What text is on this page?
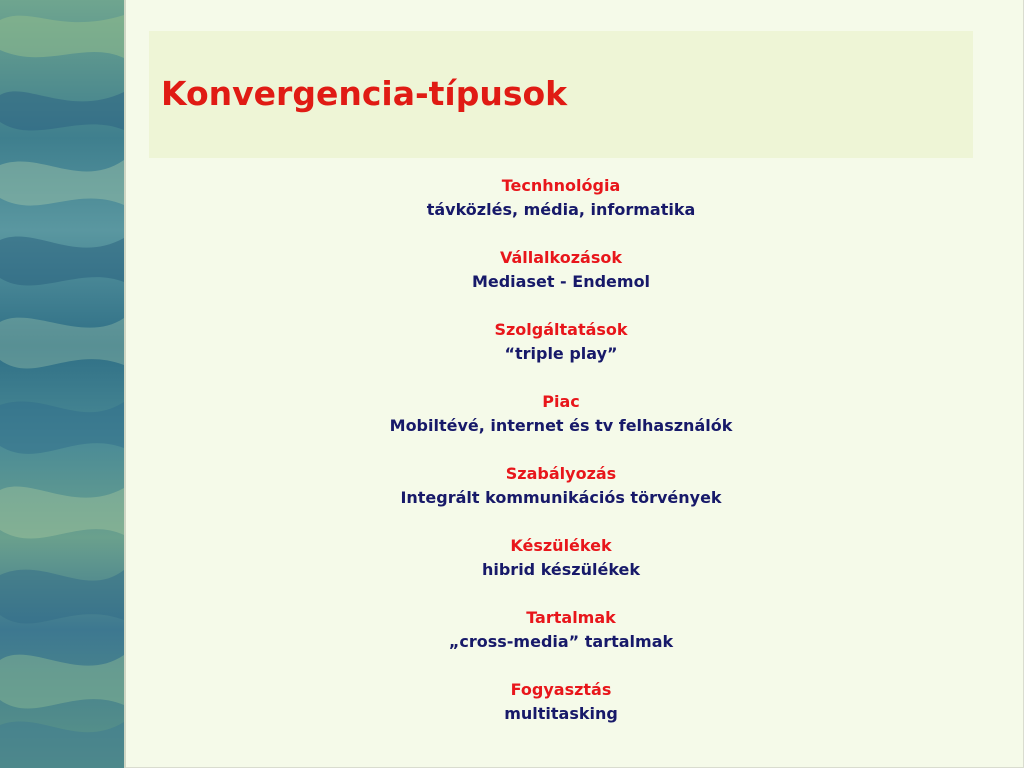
Konvergencia-típusok
Tecnhnológia
távközlés, média, informatika
Vállalkozások
Mediaset - Endemol
Szolgáltatások
“triple play”
Piac
Mobiltévé, internet és tv felhasználók
Szabályozás
Integrált kommunikációs törvények
Készülékek
hibrid készülékek
Tartalmak
„cross-media” tartalmak
Fogyasztás
multitasking
